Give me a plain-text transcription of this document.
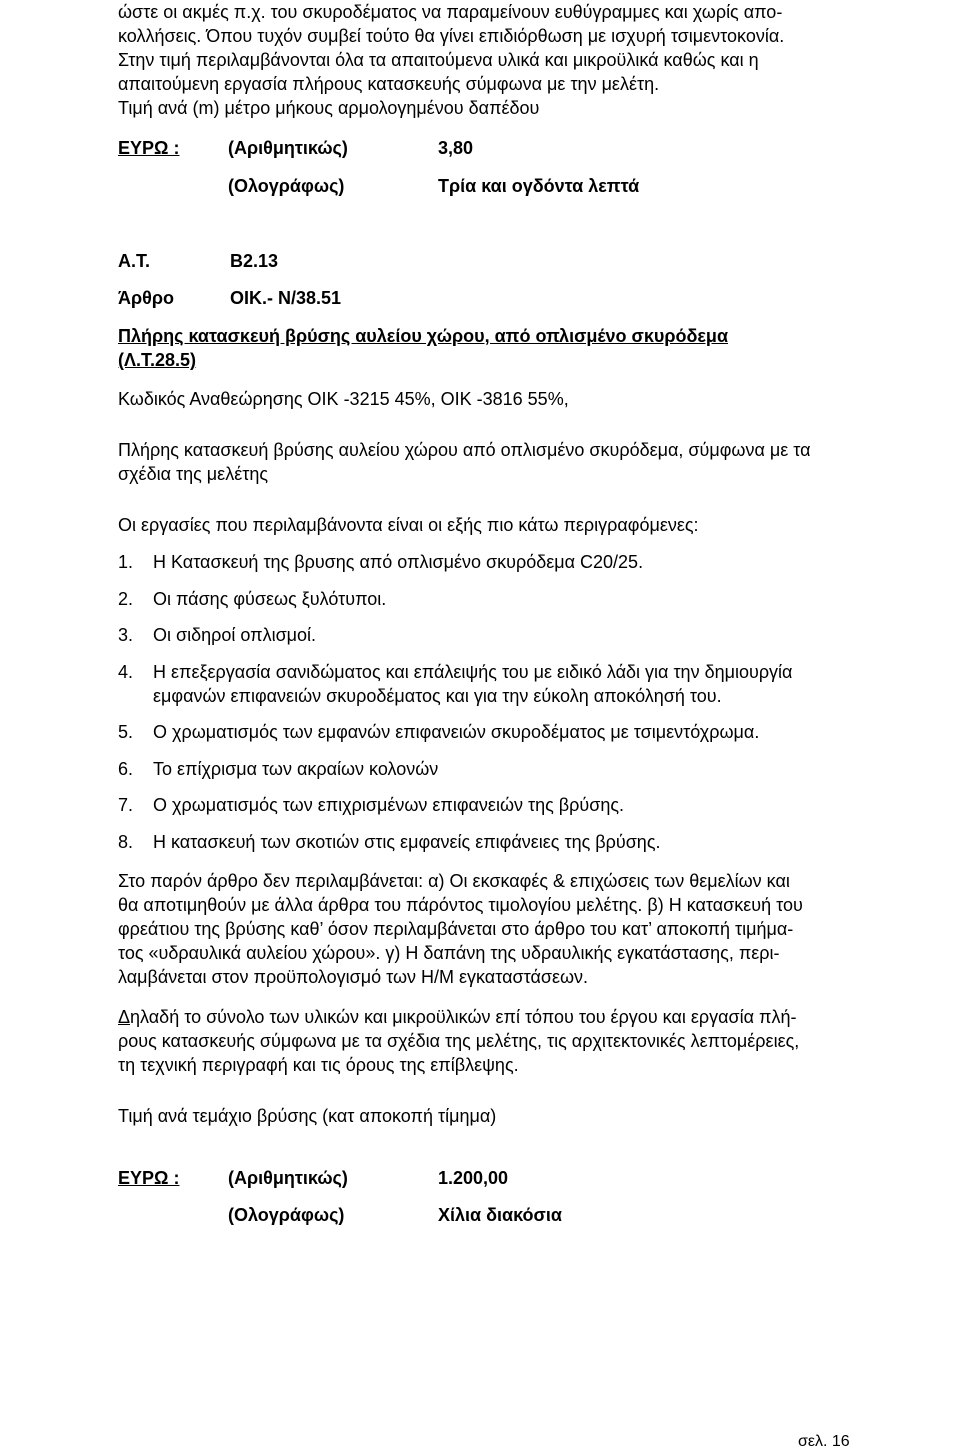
ώστε οι ακμές π.χ. του σκυροδέματος να παραμείνουν ευθύγραμμες και χωρίς απο-

κολλήσεις. Όπου τυχόν συμβεί τούτο θα γίνει επιδιόρθωση με ισχυρή τσιμεντοκονία.

Στην τιμή περιλαμβάνονται όλα τα απαιτούμενα υλικά και μικροϋλικά καθώς και η

απαιτούμενη εργασία πλήρους κατασκευής σύμφωνα με την μελέτη.

Τιμή ανά (m) μέτρο μήκους αρμολογημένου δαπέδου

ΕΥΡΩ :	(Αριθμητικώς)	3,80
(Ολογράφως)	Τρία και ογδόντα λεπτά
Α.Τ.	Β2.13
Άρθρο	ΟΙΚ.- Ν/38.51

Πλήρης κατασκευή βρύσης αυλείου χώρου, από οπλισμένο σκυρόδεμα

(Λ.Τ.28.5)

Κωδικός Αναθεώρησης ΟΙΚ -3215 45%, ΟΙΚ -3816 55%,

Πλήρης κατασκευή βρύσης αυλείου χώρου από οπλισμένο σκυρόδεμα, σύμφωνα με τα

σχέδια της μελέτης

Οι εργασίες που περιλαμβάνοντα είναι οι εξής πιο κάτω περιγραφόμενες:

1. Η Κατασκευή της βρυσης από οπλισμένο σκυρόδεμα C20/25.
2. Οι πάσης φύσεως ξυλότυποι.
3. Οι σιδηροί οπλισμοί.
4. Η επεξεργασία σανιδώματος και επάλειψής του με ειδικό λάδι για την δημιουργία
εμφανών επιφανειών σκυροδέματος και για την εύκολη αποκόλησή του.
5. Ο χρωματισμός των εμφανών επιφανειών σκυροδέματος με τσιμεντόχρωμα.
6. Το επίχρισμα των ακραίων κολονών
7. Ο χρωματισμός των επιχρισμένων επιφανειών της βρύσης.
8. Η κατασκευή των σκοτιών στις εμφανείς επιφάνειες της βρύσης.

Στο παρόν άρθρο δεν περιλαμβάνεται: α) Οι εκσκαφές & επιχώσεις των θεμελίων και

θα αποτιμηθούν με άλλα άρθρα του πάρόντος τιμολογίου μελέτης. β) Η κατασκευή του

φρεάτιου της βρύσης καθ’ όσον περιλαμβάνεται στο άρθρο του κατ’ αποκοπή τιμήμα-

τος «υδραυλικά αυλείου χώρου». γ) Η δαπάνη της υδραυλικής εγκατάστασης, περι-

λαμβάνεται στον προϋπολογισμό των Η/Μ εγκαταστάσεων.

Δηλαδή το σύνολο των υλικών και μικροϋλικών επί τόπου του έργου και εργασία πλή-

ρους κατασκευής σύμφωνα με τα σχέδια της μελέτης, τις αρχιτεκτονικές λεπτομέρειες,

τη τεχνική περιγραφή και τις όρους της επίβλεψης.

Τιμή ανά τεμάχιο βρύσης (κατ αποκοπή τίμημα)

ΕΥΡΩ :	(Αριθμητικώς)	1.200,00
(Ολογράφως)	Χίλια διακόσια
σελ. 16
